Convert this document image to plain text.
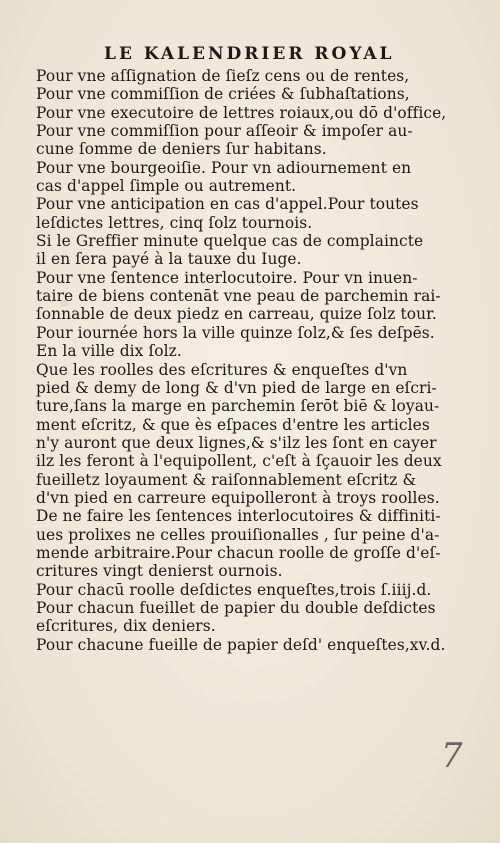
LE KALENDRIER ROYAL
Pour vne aſſignation de ſieſz cens ou de rentes,
Pour vne commiſſion de criées & ſubhaſtations,
Pour vne executoire de lettres roiaux,ou dō d'office,
Pour vne commiſſion pour aſſeoir & impoſer au-
cune ſomme de deniers ſur habitans.
Pour vne bourgeoiſie. Pour vn adiournement en
cas d'appel ſimple ou autrement.
Pour vne anticipation en cas d'appel.Pour toutes
leſdictes lettres, cinq ſolz tournois.
Si le Greffier minute quelque cas de complaincte
il en ſera payé à la tauxe du Iuge.
Pour vne ſentence interlocutoire. Pour vn inuen-
taire de biens contenāt vne peau de parchemin rai-
ſonnable de deux piedz en carreau, quize ſolz tour.
Pour iournée hors la ville quinze ſolz,& ſes deſpēs.
En la ville dix ſolz.
Que les roolles des eſcritures & enqueſtes d'vn
pied & demy de long & d'vn pied de large en eſcri-
ture,ſans la marge en parchemin ſerōt biē & loyau-
ment eſcritz, & que ès eſpaces d'entre les articles
n'y auront que deux lignes,& s'ilz les ſont en cayer
ilz les feront à l'equipollent, c'eſt à ſçauoir les deux
fueilletz loyaument & raiſonnablement eſcritz &
d'vn pied en carreure equipolleront à troys roolles.
De ne faire les ſentences interlocutoires & diffiniti-
ues prolixes ne celles prouiſionalles , ſur peine d'a-
mende arbitraire.Pour chacun roolle de groſſe d'eſ-
critures vingt denierst ournois.
Pour chacū roolle deſdictes enqueſtes,trois ſ.iiij.d.
Pour chacun fueillet de papier du double deſdictes
eſcritures, dix deniers.
Pour chacune fueille de papier deſd' enqueſtes,xv.d.
7
